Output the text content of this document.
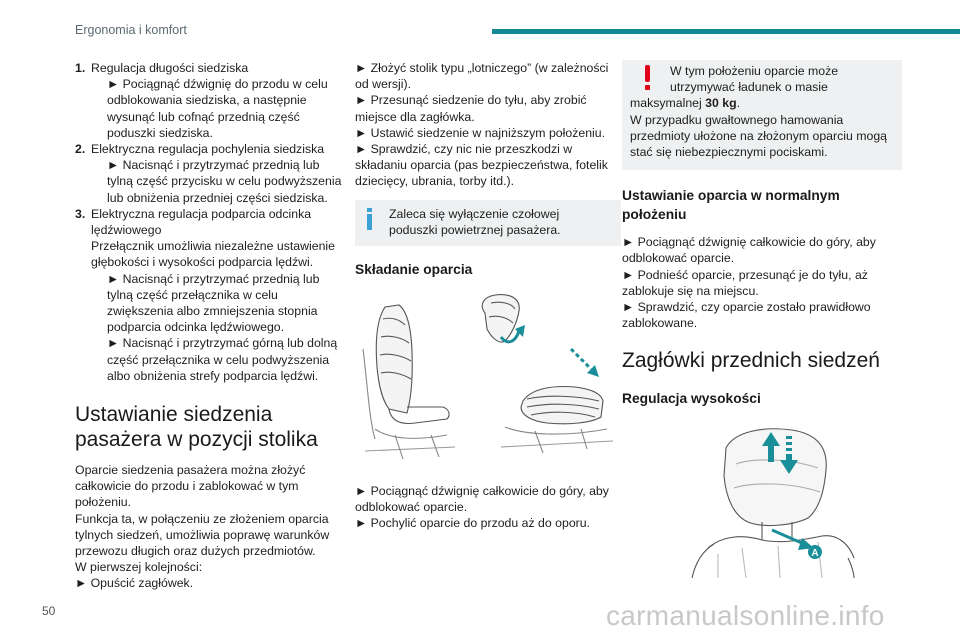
Ergonomia i komfort
1. Regulacja długości siedziska
► Pociągnąć dźwignię do przodu w celu odblokowania siedziska, a następnie wysunąć lub cofnąć przednią część poduszki siedziska.
2. Elektryczna regulacja pochylenia siedziska
► Nacisnąć i przytrzymać przednią lub tylną część przycisku w celu podwyższenia lub obniżenia przedniej części siedziska.
3. Elektryczna regulacja podparcia odcinka lędźwiowego
Przełącznik umożliwia niezależne ustawienie głębokości i wysokości podparcia lędźwi.
► Nacisnąć i przytrzymać przednią lub tylną część przełącznika w celu zwiększenia albo zmniejszenia stopnia podparcia odcinka lędźwiowego.
► Nacisnąć i przytrzymać górną lub dolną część przełącznika w celu podwyższenia albo obniżenia strefy podparcia lędźwi.
Ustawianie siedzenia pasażera w pozycji stolika
Oparcie siedzenia pasażera można złożyć całkowicie do przodu i zablokować w tym położeniu.
Funkcja ta, w połączeniu ze złożeniem oparcia tylnych siedzeń, umożliwia poprawę warunków przewozu długich oraz dużych przedmiotów.
W pierwszej kolejności:
► Opuścić zagłówek.
► Złożyć stolik typu „lotniczego” (w zależności od wersji).
► Przesunąć siedzenie do tyłu, aby zrobić miejsce dla zagłówka.
► Ustawić siedzenie w najniższym położeniu.
► Sprawdzić, czy nic nie przeszkodzi w składaniu oparcia (pas bezpieczeństwa, fotelik dziecięcy, ubrania, torby itd.).
Zaleca się wyłączenie czołowej poduszki powietrznej pasażera.
Składanie oparcia
► Pociągnąć dźwignię całkowicie do góry, aby odblokować oparcie.
► Pochylić oparcie do przodu aż do oporu.
W tym położeniu oparcie może
utrzymywać ładunek o masie
maksymalnej 30 kg.
W przypadku gwałtownego hamowania przedmioty ułożone na złożonym oparciu mogą stać się niebezpiecznymi pociskami.
Ustawianie oparcia w normalnym położeniu
► Pociągnąć dźwignię całkowicie do góry, aby odblokować oparcie.
► Podnieść oparcie, przesunąć je do tyłu, aż zablokuje się na miejscu.
► Sprawdzić, czy oparcie zostało prawidłowo zablokowane.
Zagłówki przednich siedzeń
Regulacja wysokości
A
50	carmanualsonline.info
